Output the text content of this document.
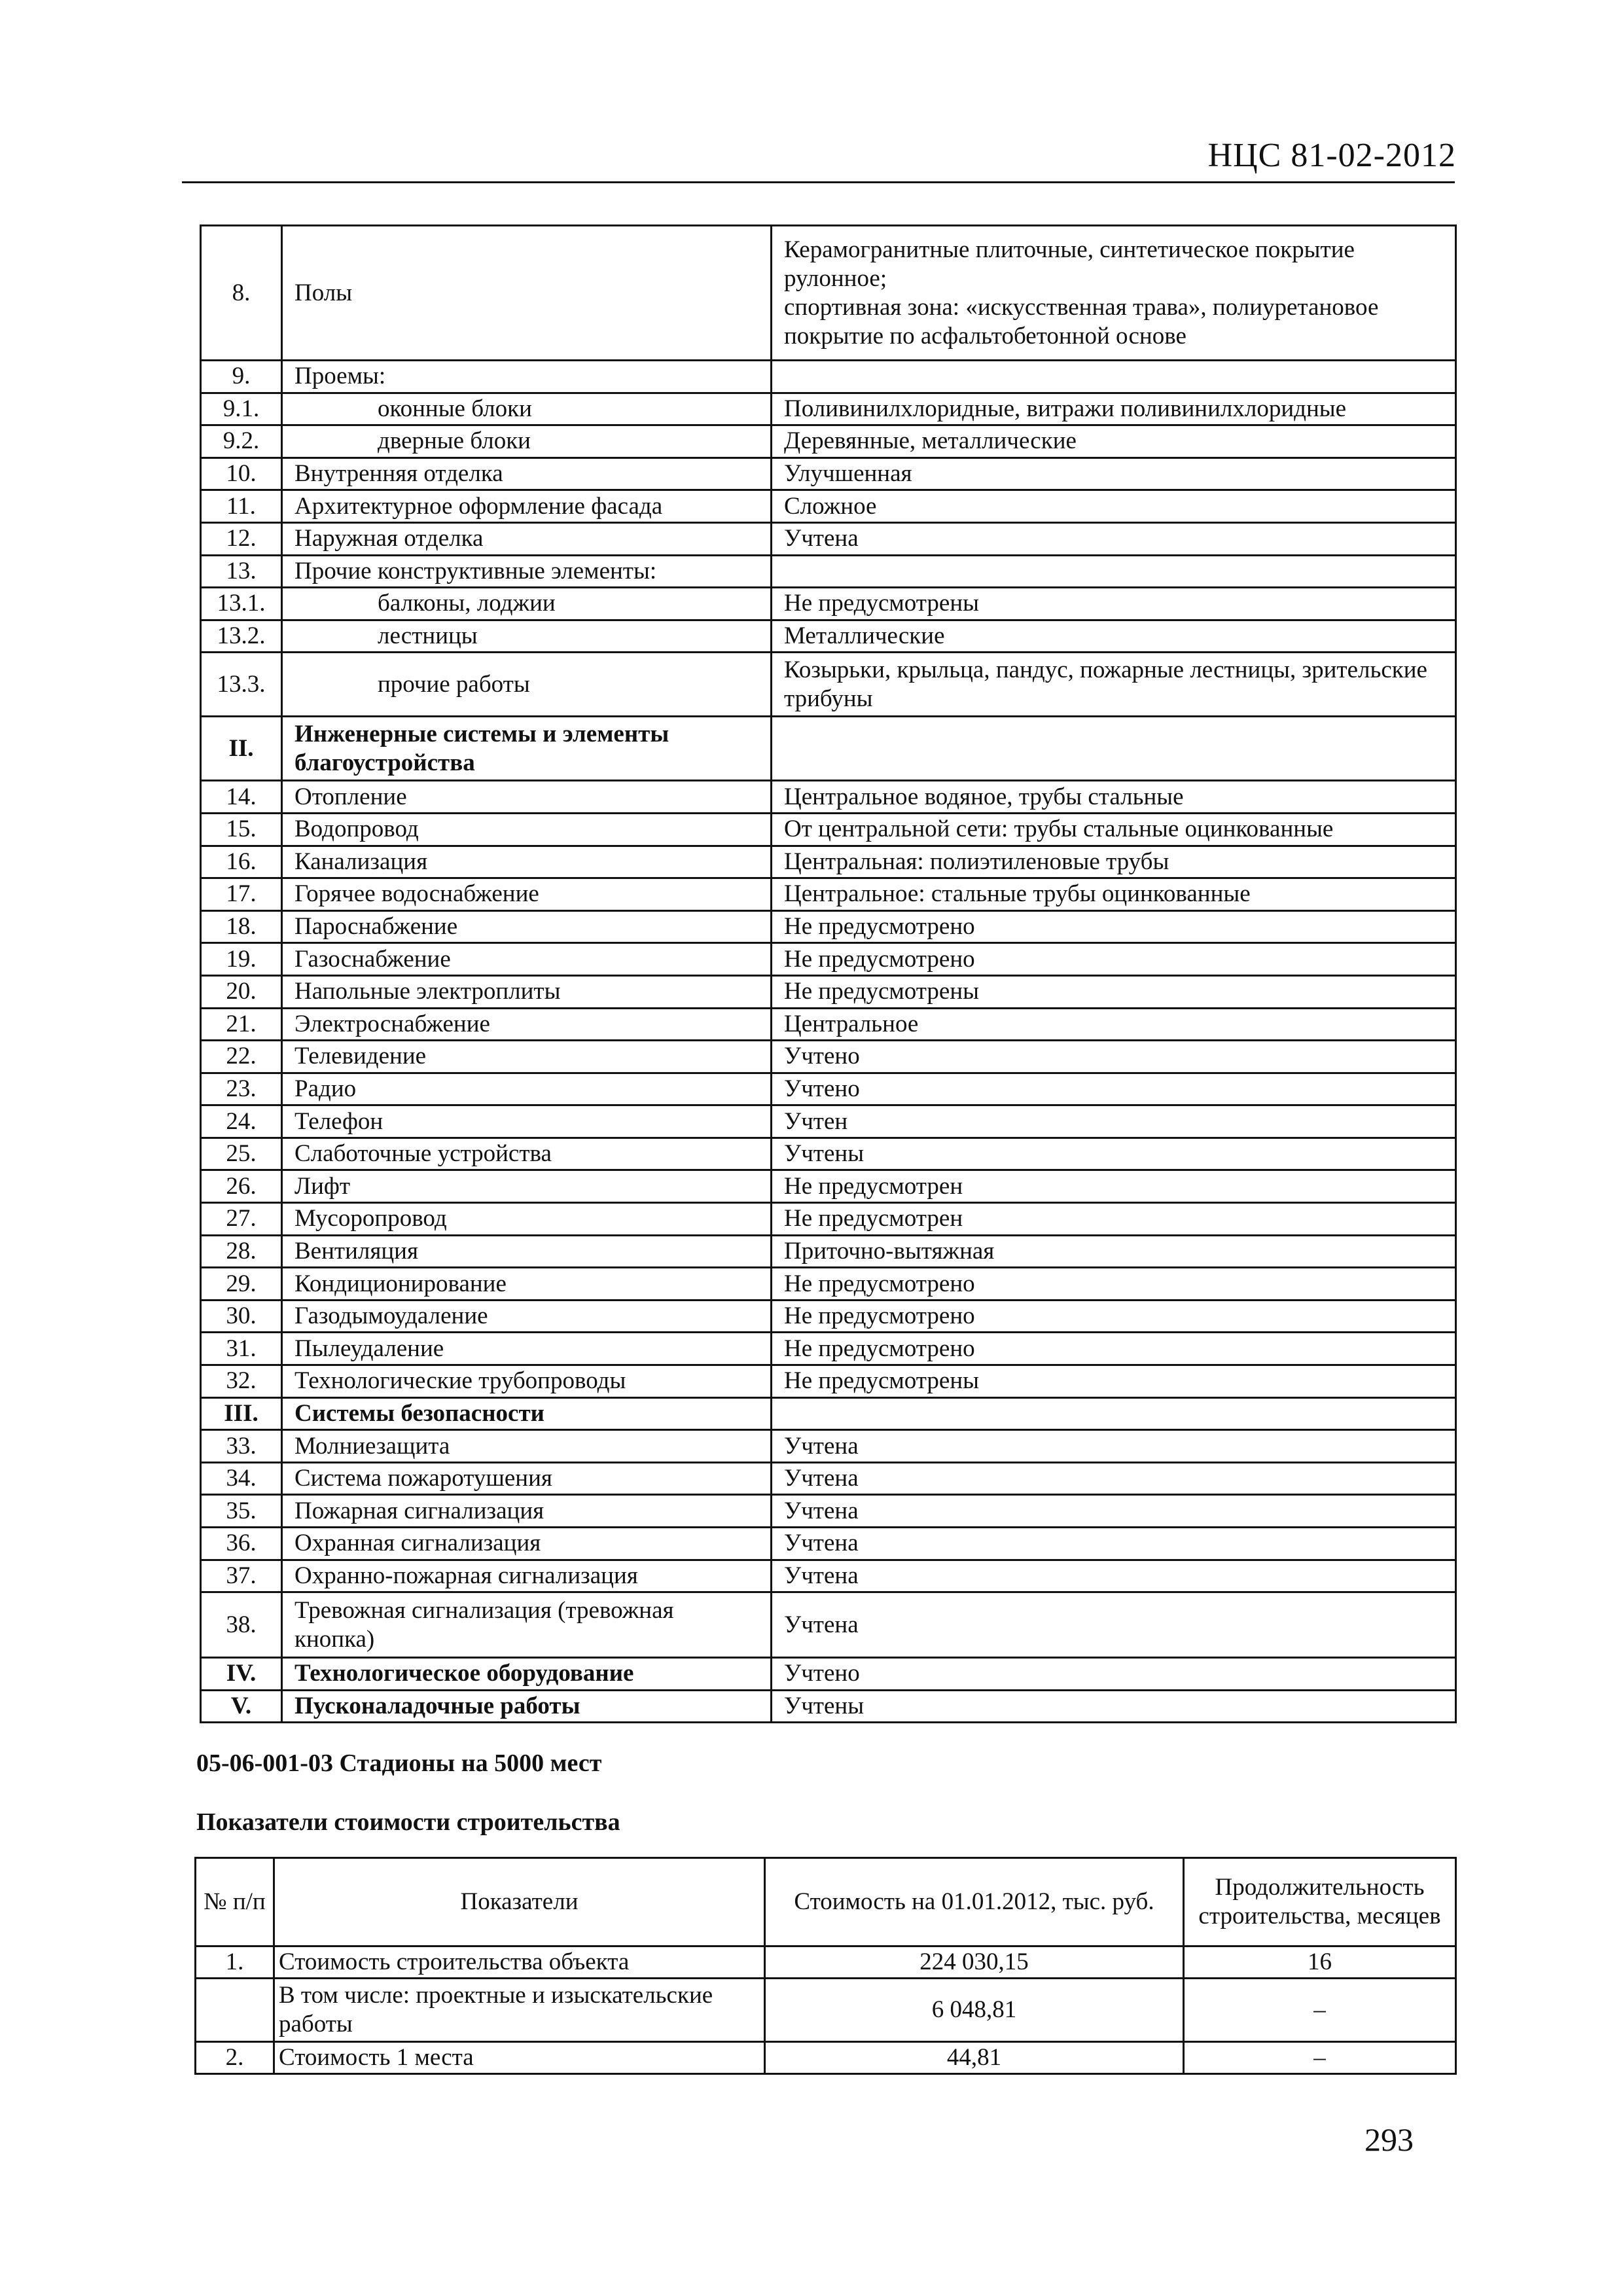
НЦС 81-02-2012
8.	Полы	Керамогранитные плиточные, синтетическое покрытие рулонное;
спортивная зона: «искусственная трава», полиуретановое покрытие по асфальтобетонной основе
9.	Проемы:	
9.1.	оконные блоки	Поливинилхлоридные, витражи поливинилхлоридные
9.2.	дверные блоки	Деревянные, металлические
10.	Внутренняя отделка	Улучшенная
11.	Архитектурное оформление фасада	Сложное
12.	Наружная отделка	Учтена
13.	Прочие конструктивные элементы:	
13.1.	балконы, лоджии	Не предусмотрены
13.2.	лестницы	Металлические
13.3.	прочие работы	Козырьки, крыльца, пандус, пожарные лестницы, зрительские трибуны
II.	Инженерные системы и элементы благоустройства	
14.	Отопление	Центральное водяное, трубы стальные
15.	Водопровод	От центральной сети: трубы стальные оцинкованные
16.	Канализация	Центральная: полиэтиленовые трубы
17.	Горячее водоснабжение	Центральное: стальные трубы оцинкованные
18.	Пароснабжение	Не предусмотрено
19.	Газоснабжение	Не предусмотрено
20.	Напольные электроплиты	Не предусмотрены
21.	Электроснабжение	Центральное
22.	Телевидение	Учтено
23.	Радио	Учтено
24.	Телефон	Учтен
25.	Слаботочные устройства	Учтены
26.	Лифт	Не предусмотрен
27.	Мусоропровод	Не предусмотрен
28.	Вентиляция	Приточно-вытяжная
29.	Кондиционирование	Не предусмотрено
30.	Газодымоудаление	Не предусмотрено
31.	Пылеудаление	Не предусмотрено
32.	Технологические трубопроводы	Не предусмотрены
III.	Системы безопасности	
33.	Молниезащита	Учтена
34.	Система пожаротушения	Учтена
35.	Пожарная сигнализация	Учтена
36.	Охранная сигнализация	Учтена
37.	Охранно-пожарная сигнализация	Учтена
38.	Тревожная сигнализация (тревожная кнопка)	Учтена
IV.	Технологическое оборудование	Учтено
V.	Пусконаладочные работы	Учтены
05-06-001-03 Стадионы на 5000 мест
Показатели стоимости строительства
№ п/п	Показатели	Стоимость на 01.01.2012, тыс. руб.	Продолжительность строительства, месяцев
1.	Стоимость строительства объекта	224 030,15	16
	В том числе: проектные и изыскательские работы	6 048,81	–
2.	Стоимость 1 места	44,81	–
293
